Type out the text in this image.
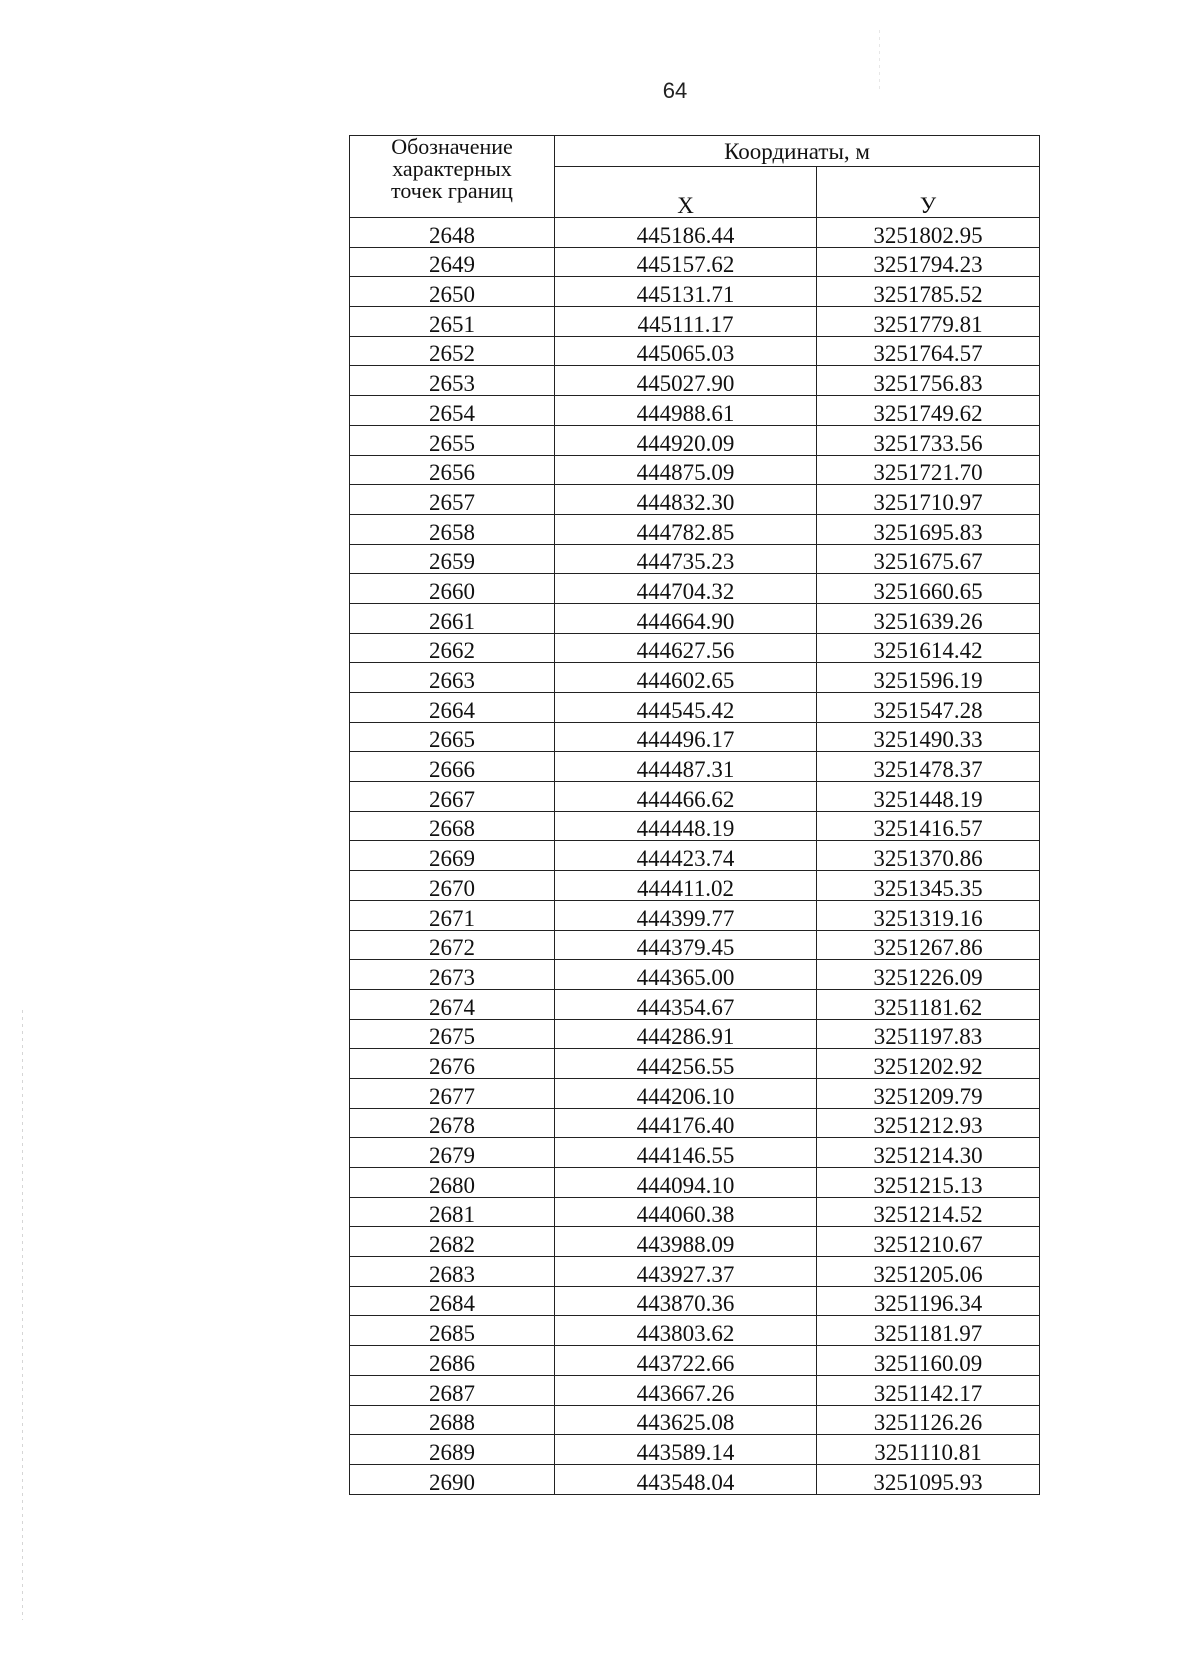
64
Обозначение
характерных
точек границ	Координаты, м	
	X	У
2648	445186.44	3251802.95
2649	445157.62	3251794.23
2650	445131.71	3251785.52
2651	445111.17	3251779.81
2652	445065.03	3251764.57
2653	445027.90	3251756.83
2654	444988.61	3251749.62
2655	444920.09	3251733.56
2656	444875.09	3251721.70
2657	444832.30	3251710.97
2658	444782.85	3251695.83
2659	444735.23	3251675.67
2660	444704.32	3251660.65
2661	444664.90	3251639.26
2662	444627.56	3251614.42
2663	444602.65	3251596.19
2664	444545.42	3251547.28
2665	444496.17	3251490.33
2666	444487.31	3251478.37
2667	444466.62	3251448.19
2668	444448.19	3251416.57
2669	444423.74	3251370.86
2670	444411.02	3251345.35
2671	444399.77	3251319.16
2672	444379.45	3251267.86
2673	444365.00	3251226.09
2674	444354.67	3251181.62
2675	444286.91	3251197.83
2676	444256.55	3251202.92
2677	444206.10	3251209.79
2678	444176.40	3251212.93
2679	444146.55	3251214.30
2680	444094.10	3251215.13
2681	444060.38	3251214.52
2682	443988.09	3251210.67
2683	443927.37	3251205.06
2684	443870.36	3251196.34
2685	443803.62	3251181.97
2686	443722.66	3251160.09
2687	443667.26	3251142.17
2688	443625.08	3251126.26
2689	443589.14	3251110.81
2690	443548.04	3251095.93
